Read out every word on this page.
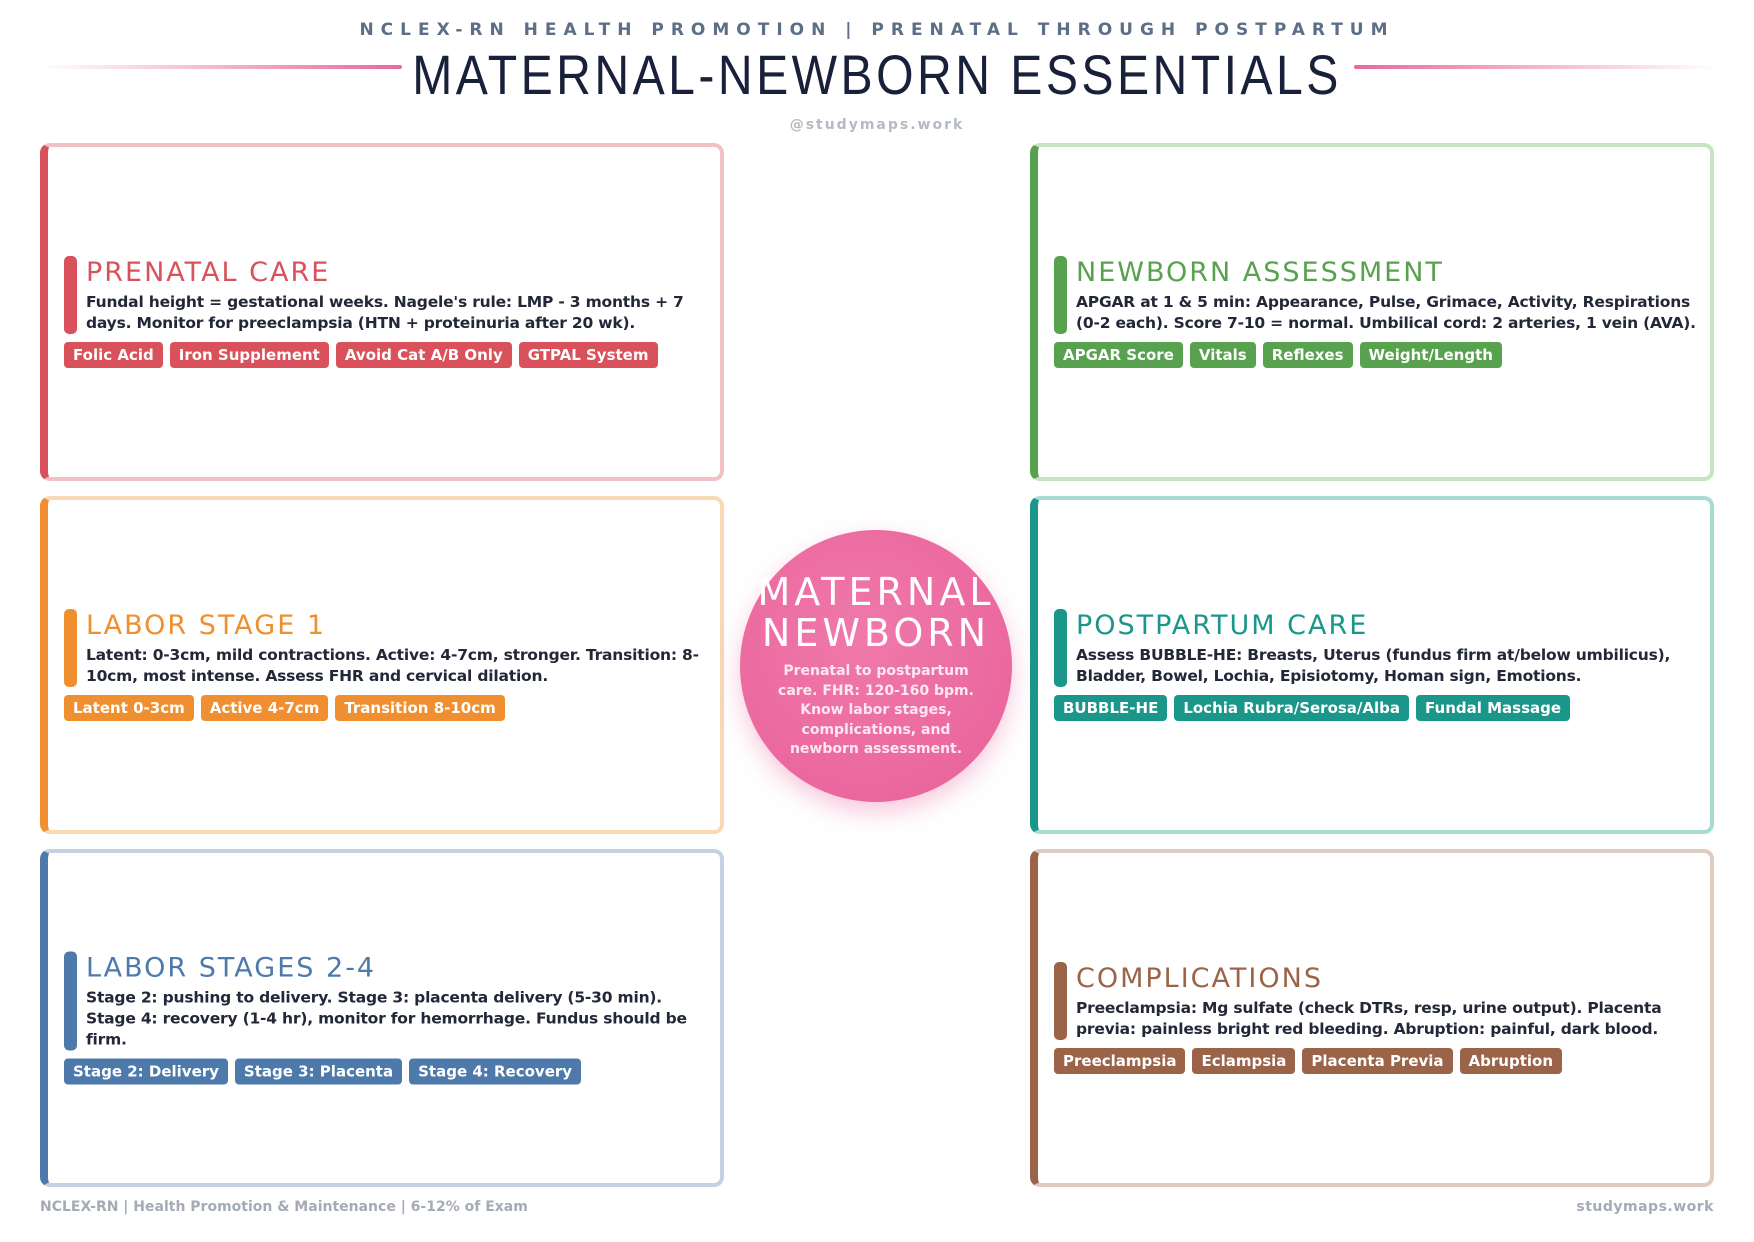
NCLEX-RN HEALTH PROMOTION | PRENATAL THROUGH POSTPARTUM
MATERNAL-NEWBORN ESSENTIALS
@studymaps.work
PRENATAL CARE
Fundal height = gestational weeks. Nagele's rule: LMP - 3 months + 7 days. Monitor for preeclampsia (HTN + proteinuria after 20 wk).
Folic Acid	Iron Supplement	Avoid Cat A/B Only	GTPAL System
LABOR STAGE 1
Latent: 0-3cm, mild contractions. Active: 4-7cm, stronger. Transition: 8-10cm, most intense. Assess FHR and cervical dilation.
Latent 0-3cm	Active 4-7cm	Transition 8-10cm
LABOR STAGES 2-4
Stage 2: pushing to delivery. Stage 3: placenta delivery (5-30 min). Stage 4: recovery (1-4 hr), monitor for hemorrhage. Fundus should be firm.
Stage 2: Delivery	Stage 3: Placenta	Stage 4: Recovery
NEWBORN ASSESSMENT
APGAR at 1 & 5 min: Appearance, Pulse, Grimace, Activity, Respirations (0-2 each). Score 7-10 = normal. Umbilical cord: 2 arteries, 1 vein (AVA).
APGAR Score	Vitals	Reflexes	Weight/Length
POSTPARTUM CARE
Assess BUBBLE-HE: Breasts, Uterus (fundus firm at/below umbilicus), Bladder, Bowel, Lochia, Episiotomy, Homan sign, Emotions.
BUBBLE-HE	Lochia Rubra/Serosa/Alba	Fundal Massage
COMPLICATIONS
Preeclampsia: Mg sulfate (check DTRs, resp, urine output). Placenta previa: painless bright red bleeding. Abruption: painful, dark blood.
Preeclampsia	Eclampsia	Placenta Previa	Abruption
MATERNAL
NEWBORN
Prenatal to postpartum care. FHR: 120-160 bpm. Know labor stages, complications, and newborn assessment.
NCLEX-RN | Health Promotion & Maintenance | 6-12% of Exam	studymaps.work
